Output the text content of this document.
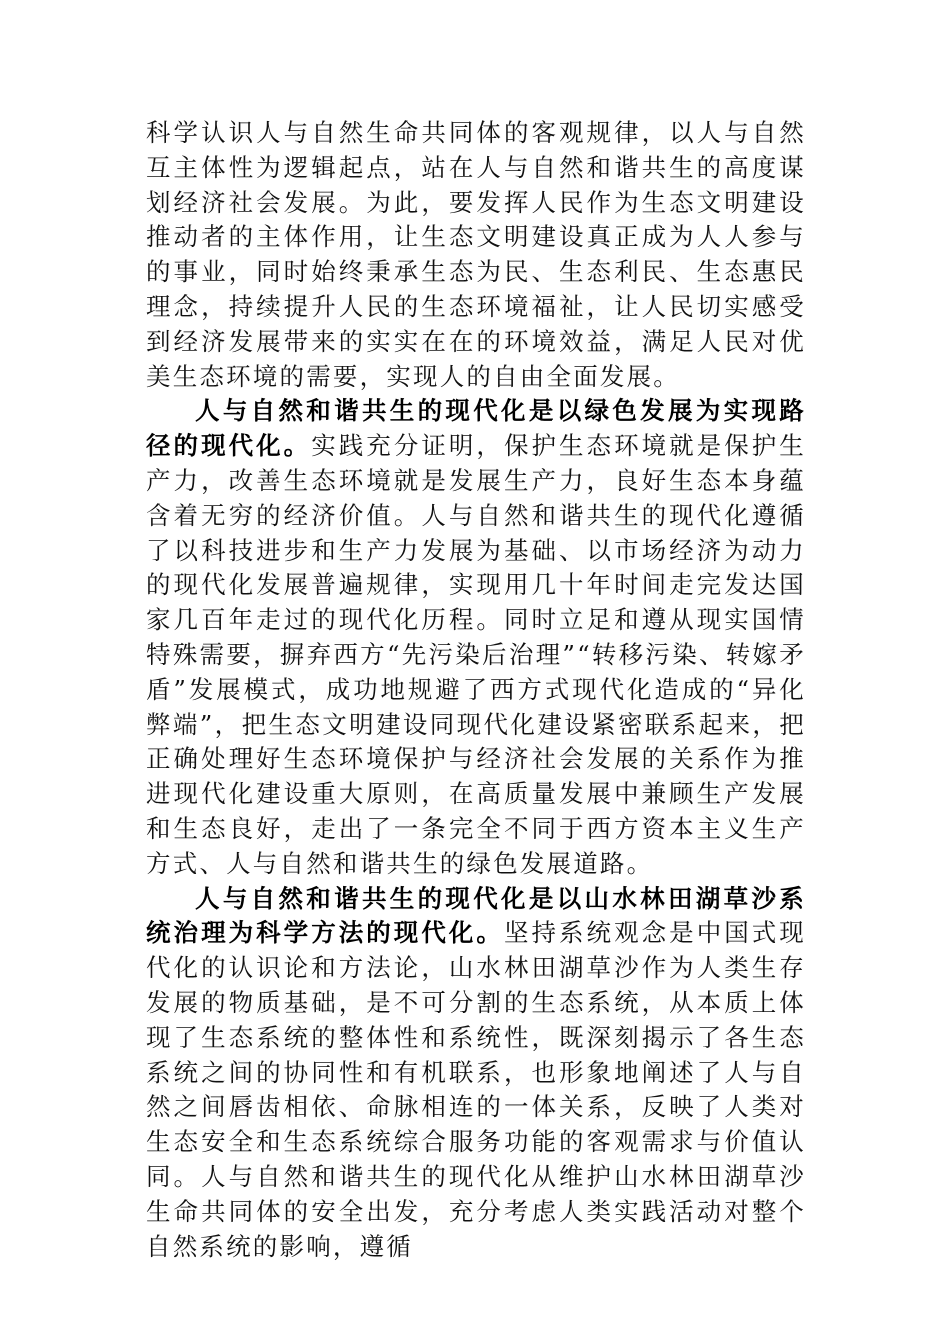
科学认识人与自然生命共同体的客观规律，以人与自然互主体性为逻辑起点，站在人与自然和谐共生的高度谋划经济社会发展。为此，要发挥人民作为生态文明建设推动者的主体作用，让生态文明建设真正成为人人参与的事业，同时始终秉承生态为民、生态利民、生态惠民理念，持续提升人民的生态环境福祉，让人民切实感受到经济发展带来的实实在在的环境效益，满足人民对优美生态环境的需要，实现人的自由全面发展。

人与自然和谐共生的现代化是以绿色发展为实现路径的现代化。实践充分证明，保护生态环境就是保护生产力，改善生态环境就是发展生产力，良好生态本身蕴含着无穷的经济价值。人与自然和谐共生的现代化遵循了以科技进步和生产力发展为基础、以市场经济为动力的现代化发展普遍规律，实现用几十年时间走完发达国家几百年走过的现代化历程。同时立足和遵从现实国情特殊需要，摒弃西方“先污染后治理”“转移污染、转嫁矛盾”发展模式，成功地规避了西方式现代化造成的“异化弊端”，把生态文明建设同现代化建设紧密联系起来，把正确处理好生态环境保护与经济社会发展的关系作为推进现代化建设重大原则，在高质量发展中兼顾生产发展和生态良好，走出了一条完全不同于西方资本主义生产方式、人与自然和谐共生的绿色发展道路。

人与自然和谐共生的现代化是以山水林田湖草沙系统治理为科学方法的现代化。坚持系统观念是中国式现代化的认识论和方法论，山水林田湖草沙作为人类生存发展的物质基础，是不可分割的生态系统，从本质上体现了生态系统的整体性和系统性，既深刻揭示了各生态系统之间的协同性和有机联系，也形象地阐述了人与自然之间唇齿相依、命脉相连的一体关系，反映了人类对生态安全和生态系统综合服务功能的客观需求与价值认同。人与自然和谐共生的现代化从维护山水林田湖草沙生命共同体的安全出发，充分考虑人类实践活动对整个自然系统的影响，遵循
